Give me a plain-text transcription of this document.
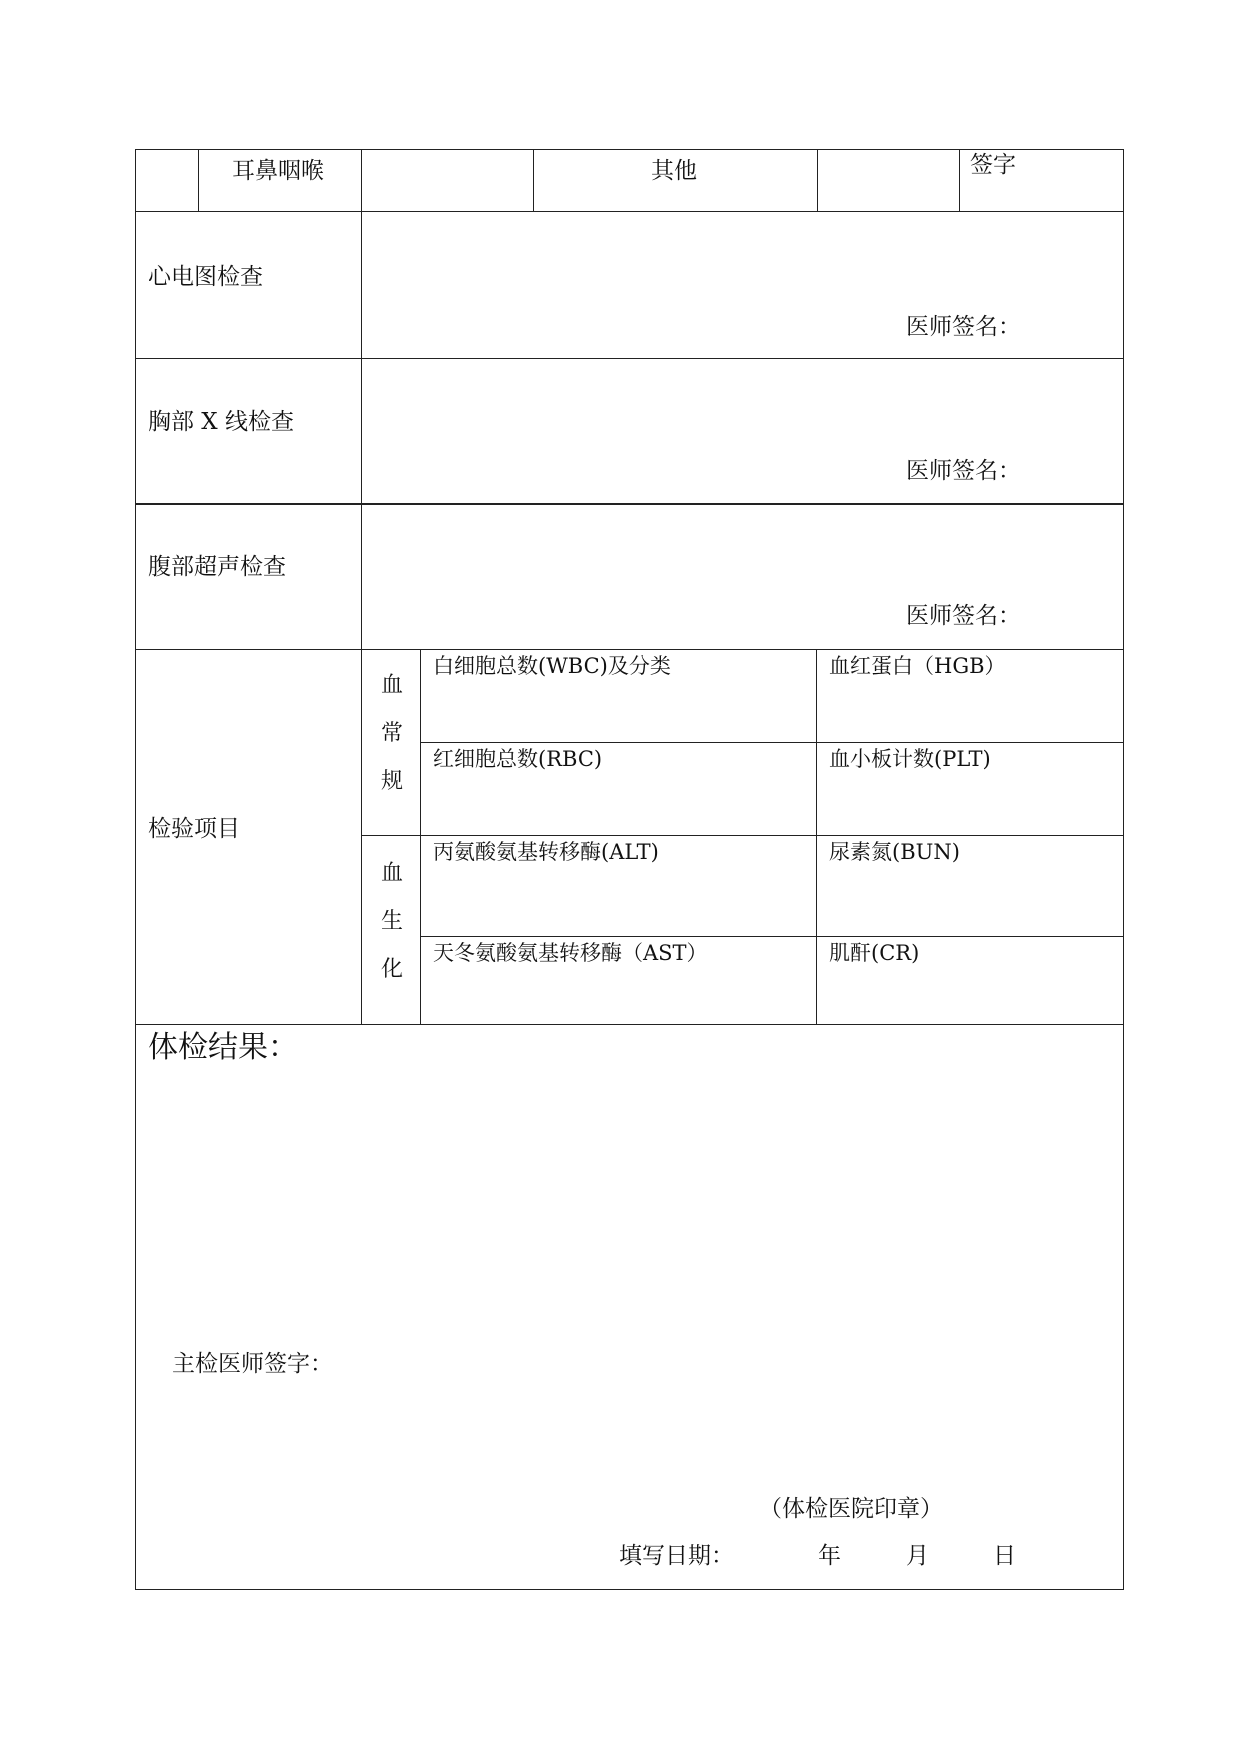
耳鼻咽喉	其他	签字
心电图检查
医师签名：
胸部 X 线检查
医师签名：
腹部超声检查
医师签名：
检验项目
血
常
规
血
生
化
白细胞总数(WBC)及分类	血红蛋白（HGB）
红细胞总数(RBC)	血小板计数(PLT)
丙氨酸氨基转移酶(ALT)	尿素氮(BUN)
天冬氨酸氨基转移酶（AST）	肌酐(CR)
体检结果：
主检医师签字：
（体检医院印章）
填写日期：	年	月	日
